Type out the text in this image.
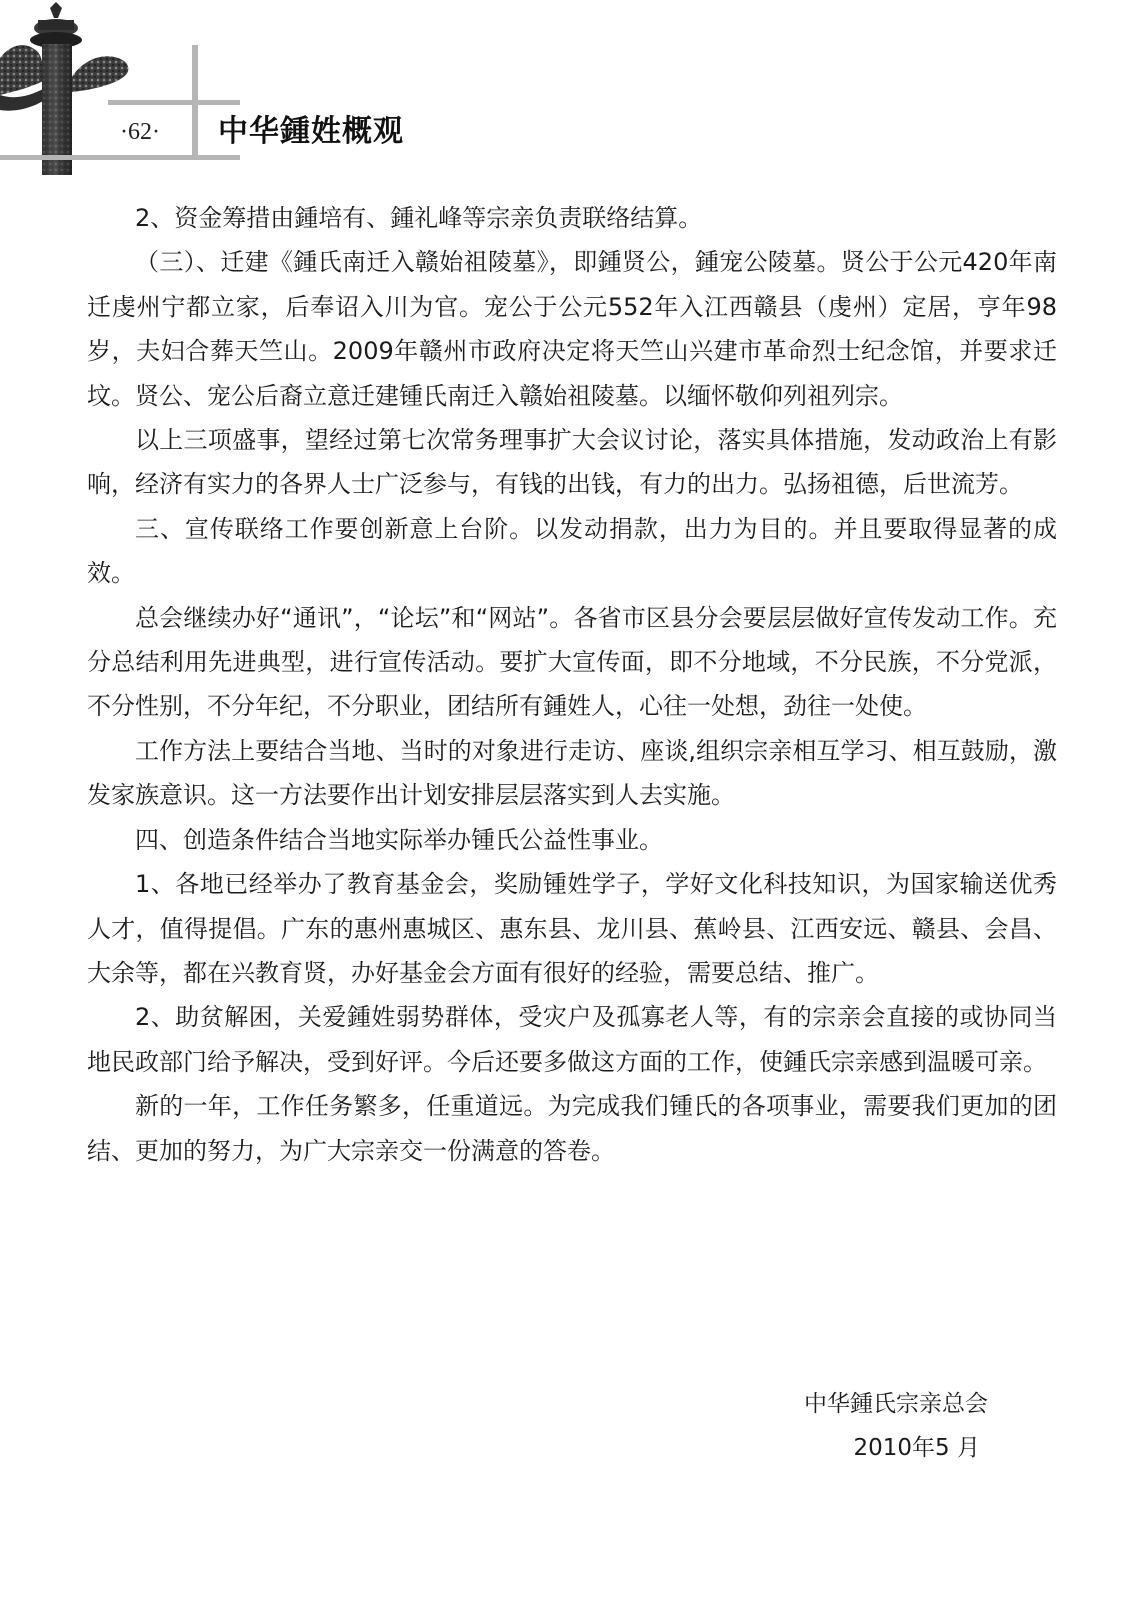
·62·	中华鍾姓概观

2、资金筹措由鍾培有、鍾礼峰等宗亲负责联络结算。

（三）、迁建《鍾氏南迁入赣始祖陵墓》，即鍾贤公，鍾宠公陵墓。贤公于公元420年南迁虔州宁都立家，后奉诏入川为官。宠公于公元552年入江西赣县（虔州）定居，亨年98岁，夫妇合葬天竺山。2009年赣州市政府决定将天竺山兴建市革命烈士纪念馆，并要求迁坟。贤公、宠公后裔立意迁建锺氏南迁入赣始祖陵墓。以缅怀敬仰列祖列宗。

以上三项盛事，望经过第七次常务理事扩大会议讨论，落实具体措施，发动政治上有影响，经济有实力的各界人士广泛参与，有钱的出钱，有力的出力。弘扬祖德，后世流芳。

三、宣传联络工作要创新意上台阶。以发动捐款，出力为目的。并且要取得显著的成效。

总会继续办好“通讯”，“论坛”和“网站”。各省市区县分会要层层做好宣传发动工作。充分总结利用先进典型，进行宣传活动。要扩大宣传面，即不分地域，不分民族，不分党派，不分性别，不分年纪，不分职业，团结所有鍾姓人，心往一处想，劲往一处使。

工作方法上要结合当地、当时的对象进行走访、座谈,组织宗亲相互学习、相互鼓励，激发家族意识。这一方法要作出计划安排层层落实到人去实施。

四、创造条件结合当地实际举办锺氏公益性事业。

1、各地已经举办了教育基金会，奖励锺姓学子，学好文化科技知识，为国家输送优秀人才，值得提倡。广东的惠州惠城区、惠东县、龙川县、蕉岭县、江西安远、赣县、会昌、大余等，都在兴教育贤，办好基金会方面有很好的经验，需要总结、推广。

2、助贫解困，关爱鍾姓弱势群体，受灾户及孤寡老人等，有的宗亲会直接的或协同当地民政部门给予解决，受到好评。今后还要多做这方面的工作，使鍾氏宗亲感到温暖可亲。

新的一年，工作任务繁多，任重道远。为完成我们锺氏的各项事业，需要我们更加的团结、更加的努力，为广大宗亲交一份满意的答卷。

中华鍾氏宗亲总会
2010年5 月
